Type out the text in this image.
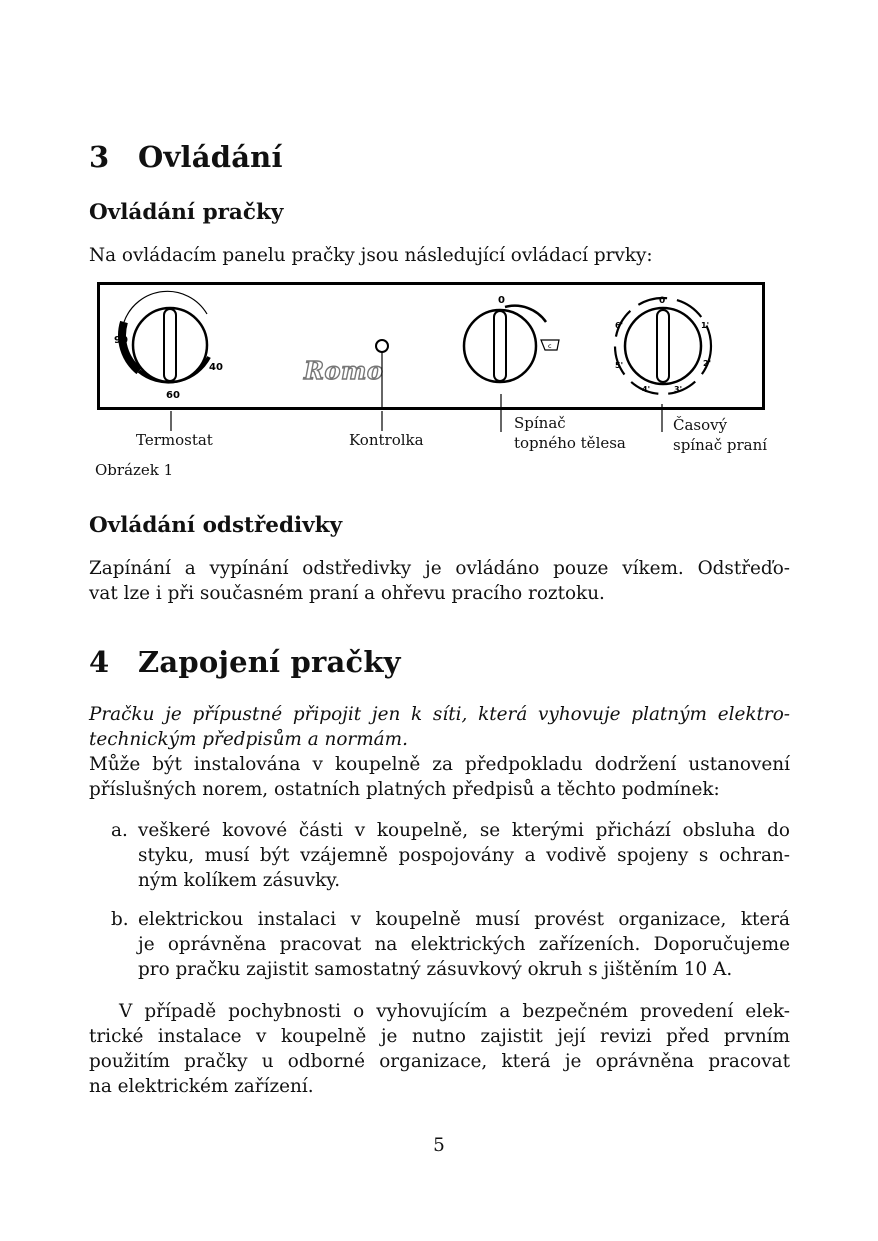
3 Ovládání
Ovládání pračky
Na ovládacím panelu pračky jsou následující ovládací prvky:
90
40
60
Romo
0
c
0
1'
2'
3'
4'
5'
6'
Termostat	Kontrolka
Spínač
topného tělesa
Časový
spínač praní
Obrázek 1
Ovládání odstředivky
Zapínání a vypínání odstředivky je ovládáno pouze víkem. Odstřeďo-
vat lze i při současném praní a ohřevu pracího roztoku.
4 Zapojení pračky
Pračku je přípustné připojit jen k síti, která vyhovuje platným elektro-
technickým předpisům a normám.
Může být instalována v koupelně za předpokladu dodržení ustanovení
příslušných norem, ostatních platných předpisů a těchto podmínek:
a. veškeré kovové části v koupelně, se kterými přichází obsluha do
styku, musí být vzájemně pospojovány a vodivě spojeny s ochran-
ným kolíkem zásuvky.
b. elektrickou instalaci v koupelně musí provést organizace, která
je oprávněna pracovat na elektrických zařízeních. Doporučujeme
pro pračku zajistit samostatný zásuvkový okruh s jištěním 10 A.
V případě pochybnosti o vyhovujícím a bezpečném provedení elek-
trické instalace v koupelně je nutno zajistit její revizi před prvním
použitím pračky u odborné organizace, která je oprávněna pracovat
na elektrickém zařízení.
5
